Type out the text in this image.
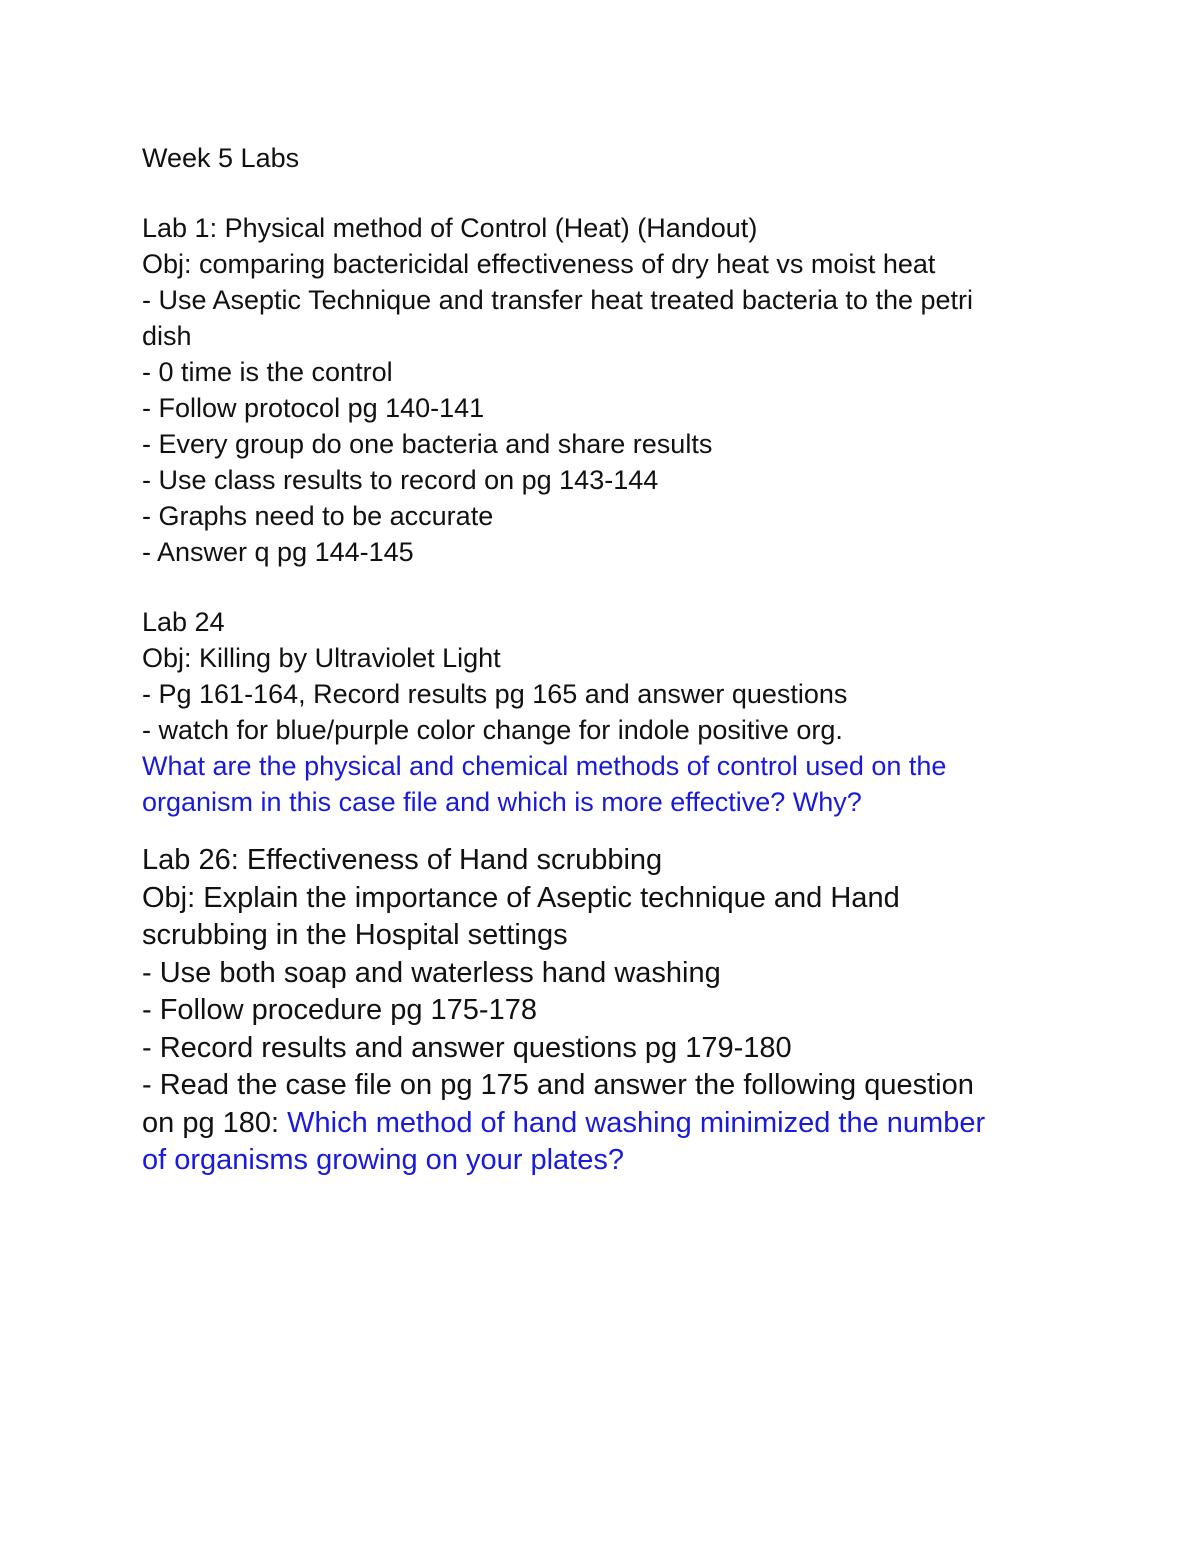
Week 5 Labs

Lab 1: Physical method of Control (Heat) (Handout)

Obj: comparing bactericidal effectiveness of dry heat vs moist heat

- Use Aseptic Technique and transfer heat treated bacteria to the petri

dish

- 0 time is the control

- Follow protocol pg 140-141

- Every group do one bacteria and share results

- Use class results to record on pg 143-144

- Graphs need to be accurate

- Answer q pg 144-145

Lab 24

Obj: Killing by Ultraviolet Light

- Pg 161-164, Record results pg 165 and answer questions

- watch for blue/purple color change for indole positive org.

What are the physical and chemical methods of control used on the

organism in this case file and which is more effective? Why?

Lab 26: Effectiveness of Hand scrubbing

Obj: Explain the importance of Aseptic technique and Hand

scrubbing in the Hospital settings

- Use both soap and waterless hand washing

- Follow procedure pg 175-178

- Record results and answer questions pg 179-180

- Read the case file on pg 175 and answer the following question

on pg 180: Which method of hand washing minimized the number

of organisms growing on your plates?
